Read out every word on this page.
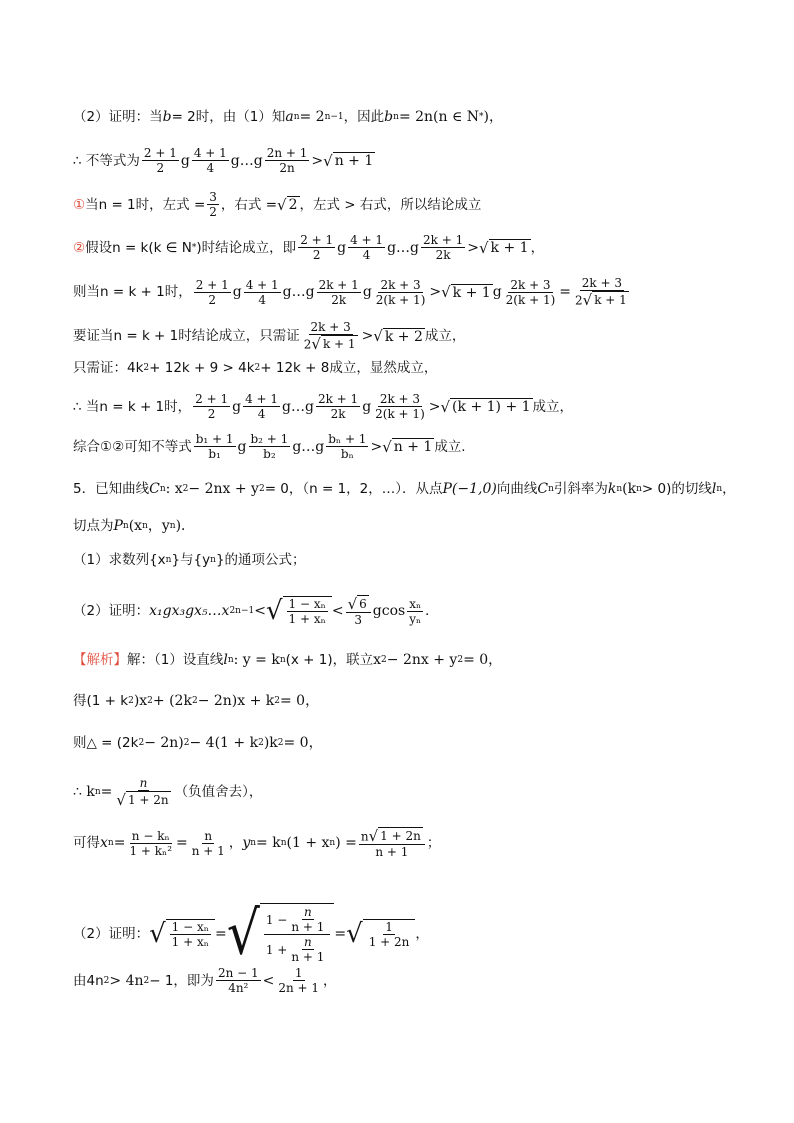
（2）证明：当 b = 2时，由（1）知 a n = 2 n−1 ，因此 b n = 2n(n ∈ N * )，
∴ 不等式为 $\frac{2 + 1}{2}$ g $\frac{4 + 1}{4}$ g…g $\frac{2n + 1}{2n}$ > √ n + 1
① 当n = 1时，左式 = $\frac{3}{2}$ ，右式 = √ 2 ，左式 > 右式，所以结论成立
② 假设n = k(k ∈ N * )时结论成立，即 $\frac{2 + 1}{2}$ g $\frac{4 + 1}{4}$ g…g $\frac{2k + 1}{2k}$ > √ k + 1 ，
则当n = k + 1时， $\frac{2 + 1}{2}$ g $\frac{4 + 1}{4}$ g…g $\frac{2k + 1}{2k}$ g $\frac{2k + 3}{2(k + 1)}$ > √ k + 1 g $\frac{2k + 3}{2(k + 1)} = \frac{2k + 3}{2 √ k + 1}$
要证当n = k + 1时结论成立，只需证 $\frac{2k + 3}{2 √ k + 1}$ > √ k + 2 成立，
只需证：4k 2 + 12k + 9 > 4k 2 + 12k + 8成立，显然成立，
∴ 当n = k + 1时， $\frac{2 + 1}{2}$ g $\frac{4 + 1}{4}$ g…g $\frac{2k + 1}{2k}$ g $\frac{2k + 3}{2(k + 1)}$ > √ (k + 1) + 1 成立，
综合①②可知不等式 $\frac{\text{b₁ + 1}}{\text{b₁}}$ g $\frac{\text{b₂ + 1}}{\text{b₂}}$ g…g $\frac{\text{bₙ + 1}}{\text{bₙ}}$ > √ n + 1 成立.
5．已知曲线 C n : x 2 − 2nx + y 2 = 0，（n = 1，2，…）．从点 P(−1,0) 向曲线 C n 引斜率为 k n (k n > 0)的切线 l n ，
切点为 P n (x n ，y n )．
（1）求数列{x n }与{y n }的通项公式；
（2）证明： x₁gx₃gx₅…x 2n−1 < √ $\frac{\text{1 − xₙ}}{\text{1 + xₙ}} < \frac{√ 6}{3}$ gcos $\frac{\text{xₙ}}{\text{yₙ}}$ ．
【解析】 解：（1）设直线 l n : y = k n (x + 1)，联立 x 2 − 2nx + y 2 = 0，
得(1 + k 2 )x 2 + (2k 2 − 2n)x + k 2 = 0，
则△ = (2k 2 − 2n) 2 − 4(1 + k 2 )k 2 = 0，
∴ k $n = \frac{n}{√ 1 + 2n}$ （负值舍去），
可得 x $n = \frac{\text{n − kₙ}}{\text{1 + kₙ²}} = \frac{n}{n + 1}$ ， y n = k n (1 + x n ) = $\frac{n √ 1 + 2n}{n + 1}$ ；
（2）证明： √ $\frac{\text{1 − xₙ}}{\text{1 + xₙ}}$ = √ $\frac{1 - \frac{n}{n + 1}}{1 + \frac{n}{n + 1}}$ = √ $\frac{1}{1 + 2n}$ ，
由4n 2 > 4n 2 − 1，即为 $\frac{2n - 1}{\text{4n²}} < \frac{1}{2n + 1}$ ，
